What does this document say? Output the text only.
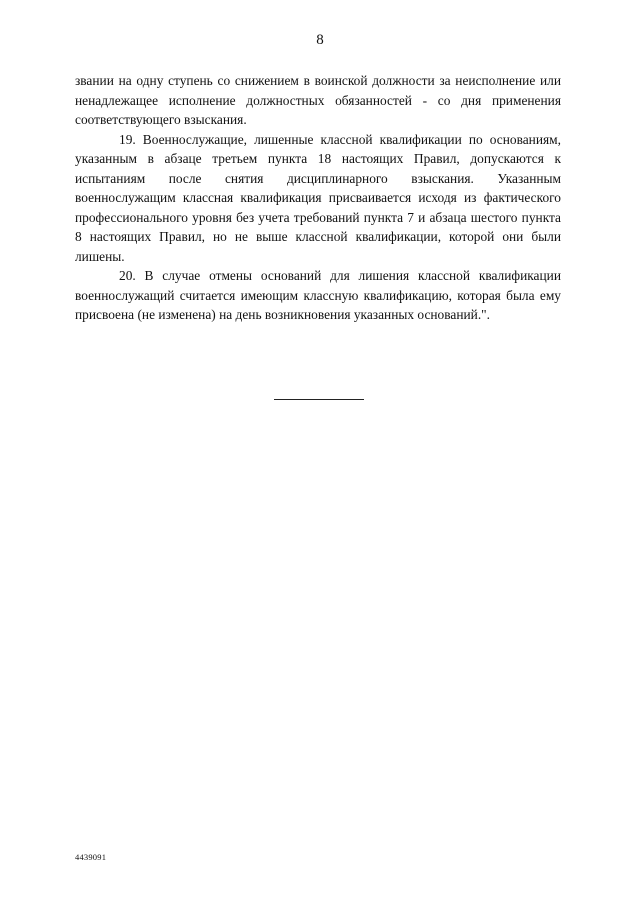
8

звании на одну ступень со снижением в воинской должности за неисполнение или ненадлежащее исполнение должностных обязанностей - со дня применения соответствующего взыскания.

19. Военнослужащие, лишенные классной квалификации по основаниям, указанным в абзаце третьем пункта 18 настоящих Правил, допускаются к испытаниям после снятия дисциплинарного взыскания. Указанным военнослужащим классная квалификация присваивается исходя из фактического профессионального уровня без учета требований пункта 7 и абзаца шестого пункта 8 настоящих Правил, но не выше классной квалификации, которой они были лишены.

20. В случае отмены оснований для лишения классной квалификации военнослужащий считается имеющим классную квалификацию, которая была ему присвоена (не изменена) на день возникновения указанных оснований.".

4439091
